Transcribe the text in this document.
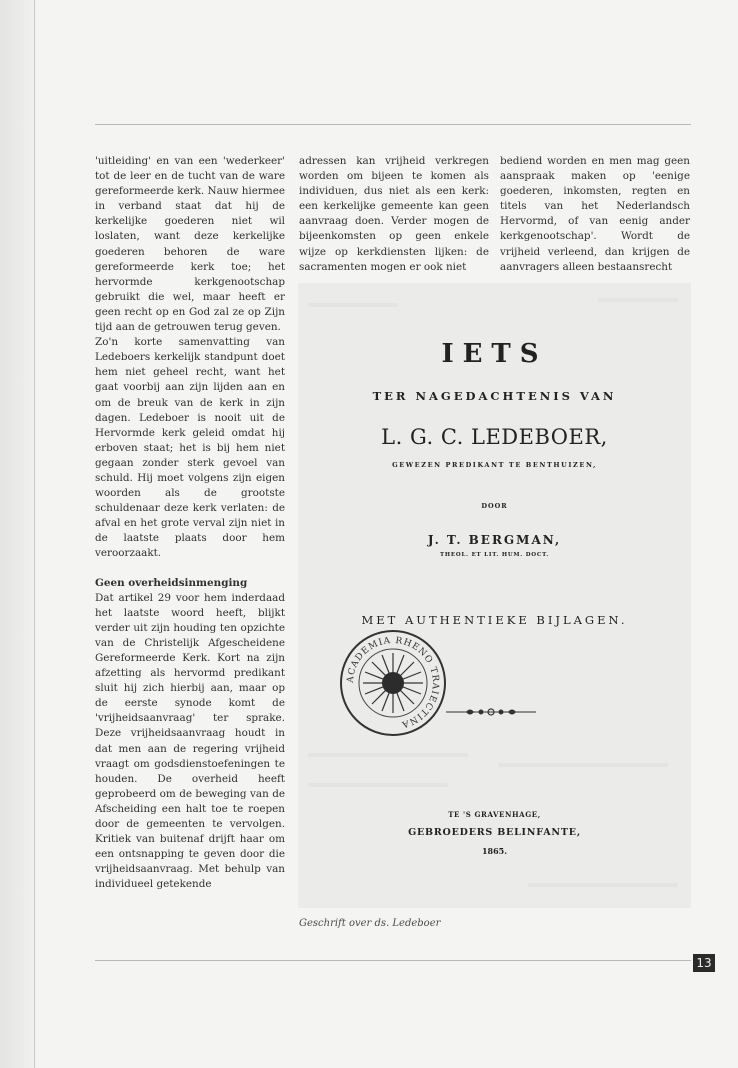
'uitleiding' en van een 'wederkeer' tot de leer en de tucht van de ware gereformeerde kerk. Nauw hiermee in verband staat dat hij de kerkelijke goederen niet wil loslaten, want deze kerkelijke goederen behoren de ware gereformeerde kerk toe; het hervormde kerkgenootschap gebruikt die wel, maar heeft er geen recht op en God zal ze op Zijn tijd aan de getrouwen terug geven.

Zo'n korte samenvatting van Ledeboers kerkelijk standpunt doet hem niet geheel recht, want het gaat voorbij aan zijn lijden aan en om de breuk van de kerk in zijn dagen. Ledeboer is nooit uit de Hervormde kerk geleid omdat hij erboven staat; het is bij hem niet gegaan zonder sterk gevoel van schuld. Hij moet volgens zijn eigen woorden als de grootste schuldenaar deze kerk verlaten: de afval en het grote verval zijn niet in de laatste plaats door hem veroorzaakt.

Geen overheidsinmenging

Dat artikel 29 voor hem inderdaad het laatste woord heeft, blijkt verder uit zijn houding ten opzichte van de Christelijk Afgescheidene Gereformeerde Kerk. Kort na zijn afzetting als hervormd predikant sluit hij zich hierbij aan, maar op de eerste synode komt de 'vrijheidsaanvraag' ter sprake. Deze vrijheidsaanvraag houdt in dat men aan de regering vrijheid vraagt om godsdienstoefeningen te houden. De overheid heeft geprobeerd om de beweging van de Afscheiding een halt toe te roepen door de gemeenten te vervolgen. Kritiek van buitenaf drijft haar om een ontsnapping te geven door die vrijheidsaanvraag. Met behulp van individueel getekende

adressen kan vrijheid verkregen worden om bijeen te komen als individuen, dus niet als een kerk: een kerkelijke gemeente kan geen aanvraag doen. Verder mogen de bijeenkomsten op geen enkele wijze op kerkdiensten lijken: de sacramenten mogen er ook niet

bediend worden en men mag geen aanspraak maken op 'eenige goederen, inkomsten, regten en titels van het Nederlandsch Hervormd, of van eenig ander kerkgenootschap'. Wordt de vrijheid verleend, dan krijgen de aanvragers alleen bestaansrecht

IETS
TER NAGEDACHTENIS VAN
L. G. C. LEDEBOER,
GEWEZEN PREDIKANT TE BENTHUIZEN,
DOOR
J. T. BERGMAN,
THEOL. ET LIT. HUM. DOCT.
MET AUTHENTIEKE BIJLAGEN.
ACADEMIA RHENO TRAIECTINA
TE 'S GRAVENHAGE,
GEBROEDERS BELINFANTE,
1865.
Geschrift over ds. Ledeboer
13
